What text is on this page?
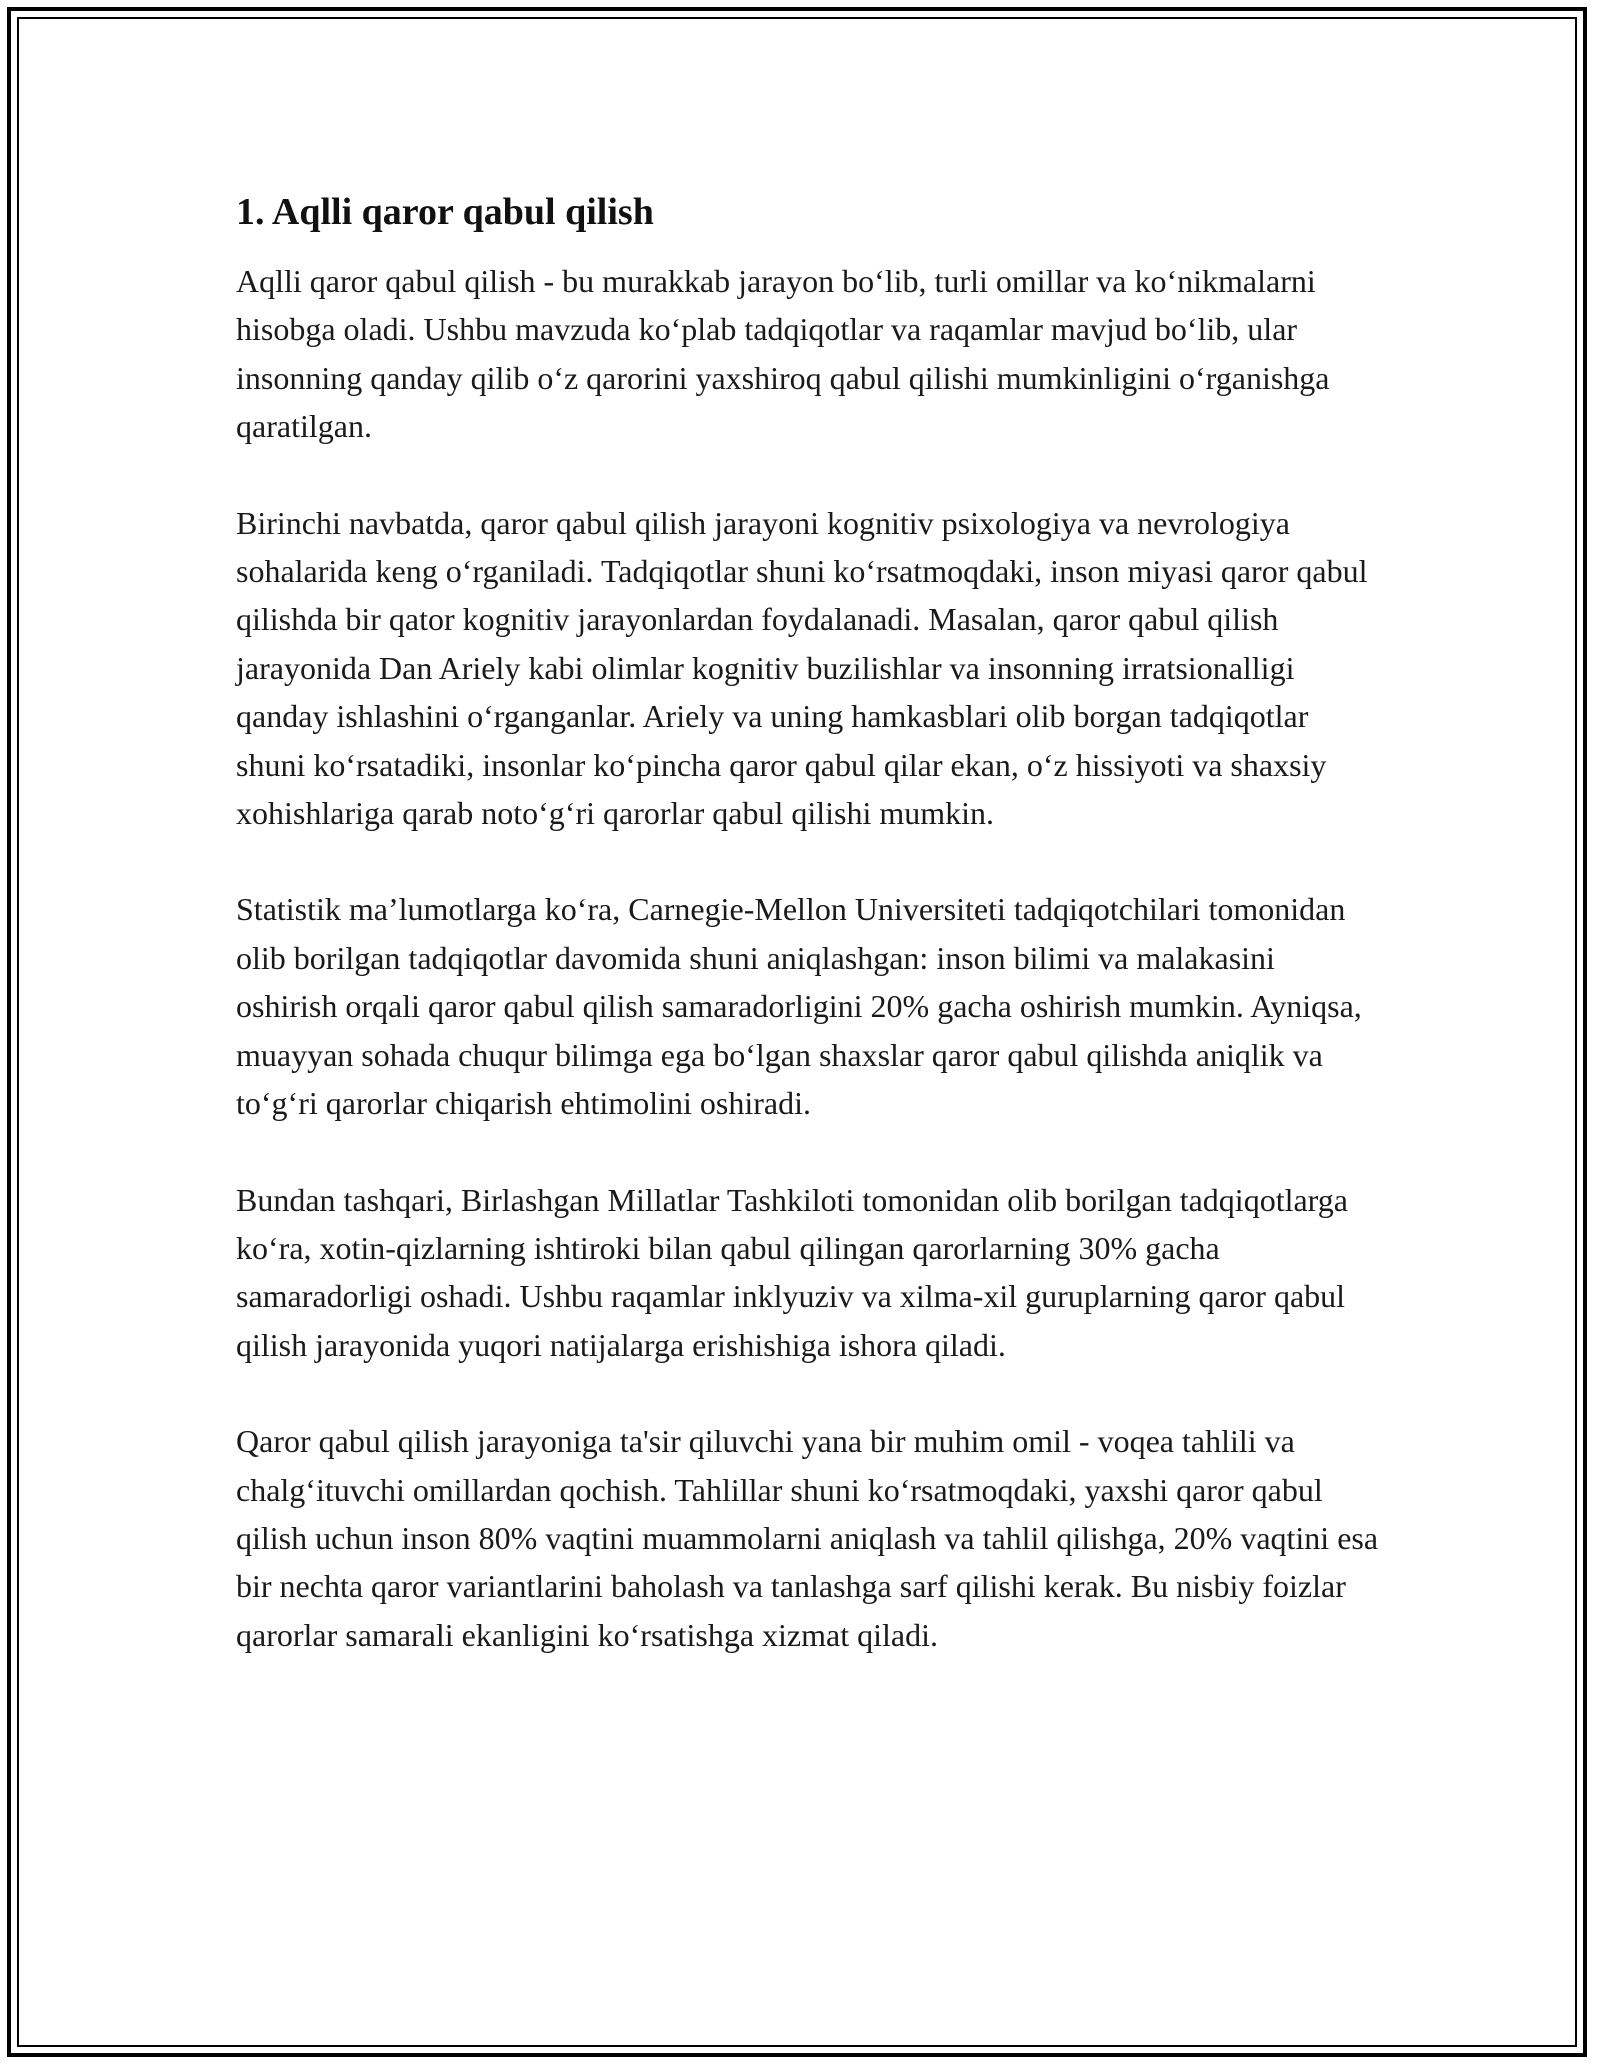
1. Aqlli qaror qabul qilish

Aqlli qaror qabul qilish - bu murakkab jarayon bo‘lib, turli omillar va ko‘nikmalarni hisobga oladi. Ushbu mavzuda ko‘plab tadqiqotlar va raqamlar mavjud bo‘lib, ular insonning qanday qilib o‘z qarorini yaxshiroq qabul qilishi mumkinligini o‘rganishga qaratilgan.

Birinchi navbatda, qaror qabul qilish jarayoni kognitiv psixologiya va nevrologiya sohalarida keng o‘rganiladi. Tadqiqotlar shuni ko‘rsatmoqdaki, inson miyasi qaror qabul qilishda bir qator kognitiv jarayonlardan foydalanadi. Masalan, qaror qabul qilish jarayonida Dan Ariely kabi olimlar kognitiv buzilishlar va insonning irratsionalligi qanday ishlashini o‘rganganlar. Ariely va uning hamkasblari olib borgan tadqiqotlar shuni ko‘rsatadiki, insonlar ko‘pincha qaror qabul qilar ekan, o‘z hissiyoti va shaxsiy xohishlariga qarab noto‘g‘ri qarorlar qabul qilishi mumkin.

Statistik ma’lumotlarga ko‘ra, Carnegie-Mellon Universiteti tadqiqotchilari tomonidan olib borilgan tadqiqotlar davomida shuni aniqlashgan: inson bilimi va malakasini oshirish orqali qaror qabul qilish samaradorligini 20% gacha oshirish mumkin. Ayniqsa, muayyan sohada chuqur bilimga ega bo‘lgan shaxslar qaror qabul qilishda aniqlik va to‘g‘ri qarorlar chiqarish ehtimolini oshiradi.

Bundan tashqari, Birlashgan Millatlar Tashkiloti tomonidan olib borilgan tadqiqotlarga ko‘ra, xotin-qizlarning ishtiroki bilan qabul qilingan qarorlarning 30% gacha samaradorligi oshadi. Ushbu raqamlar inklyuziv va xilma-xil guruplarning qaror qabul qilish jarayonida yuqori natijalarga erishishiga ishora qiladi.

Qaror qabul qilish jarayoniga ta'sir qiluvchi yana bir muhim omil - voqea tahlili va chalg‘ituvchi omillardan qochish. Tahlillar shuni ko‘rsatmoqdaki, yaxshi qaror qabul qilish uchun inson 80% vaqtini muammolarni aniqlash va tahlil qilishga, 20% vaqtini esa bir nechta qaror variantlarini baholash va tanlashga sarf qilishi kerak. Bu nisbiy foizlar qarorlar samarali ekanligini ko‘rsatishga xizmat qiladi.
